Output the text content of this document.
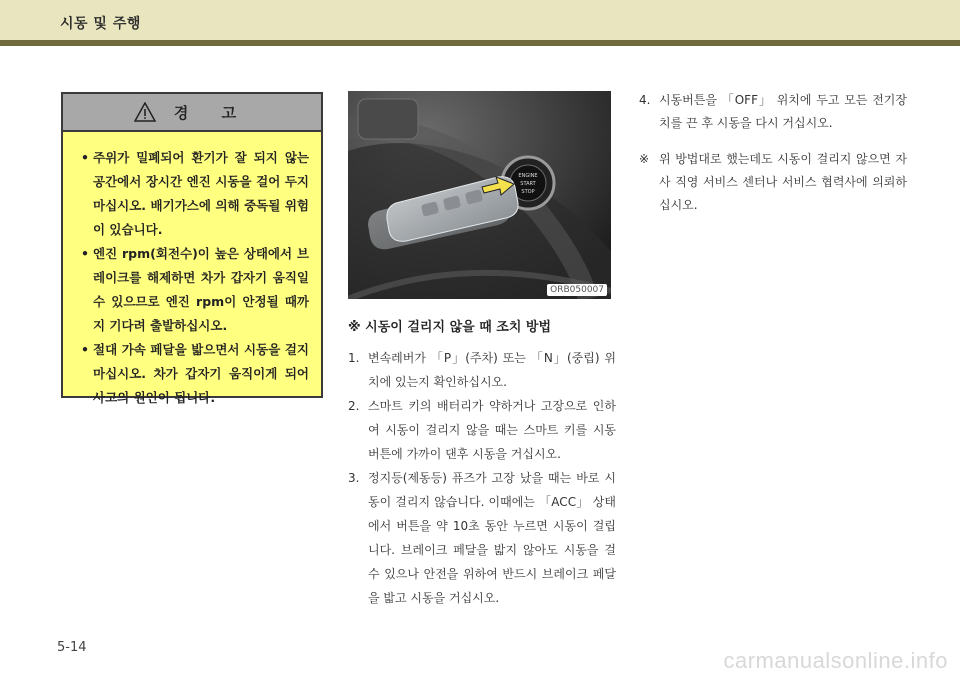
시동 및 주행
경 고
• 주위가 밀폐되어 환기가 잘 되지 않는 공간에서 장시간 엔진 시동을 걸어 두지 마십시오. 배기가스에 의해 중독될 위험이 있습니다.
• 엔진 rpm(회전수)이 높은 상태에서 브레이크를 해제하면 차가 갑자기 움직일 수 있으므로 엔진 rpm이 안정될 때까지 기다려 출발하십시오.
• 절대 가속 페달을 밟으면서 시동을 걸지 마십시오. 차가 갑자기 움직이게 되어 사고의 원인이 됩니다.
ENGINE
START
STOP
ORB050007
※ 시동이 걸리지 않을 때 조치 방법
1. 변속레버가 「P」(주차) 또는 「N」(중립) 위치에 있는지 확인하십시오.
2. 스마트 키의 배터리가 약하거나 고장으로 인하여 시동이 걸리지 않을 때는 스마트 키를 시동 버튼에 가까이 댄후 시동을 거십시오.
3. 정지등(제동등) 퓨즈가 고장 났을 때는 바로 시동이 걸리지 않습니다. 이때에는 「ACC」 상태에서 버튼을 약 10초 동안 누르면 시동이 걸립니다. 브레이크 페달을 밟지 않아도 시동을 걸 수 있으나 안전을 위하여 반드시 브레이크 페달을 밟고 시동을 거십시오.
4. 시동버튼을 「OFF」 위치에 두고 모든 전기장치를 끈 후 시동을 다시 거십시오.
※ 위 방법대로 했는데도 시동이 걸리지 않으면 자사 직영 서비스 센터나 서비스 협력사에 의뢰하십시오.
5-14
carmanualsonline.info
